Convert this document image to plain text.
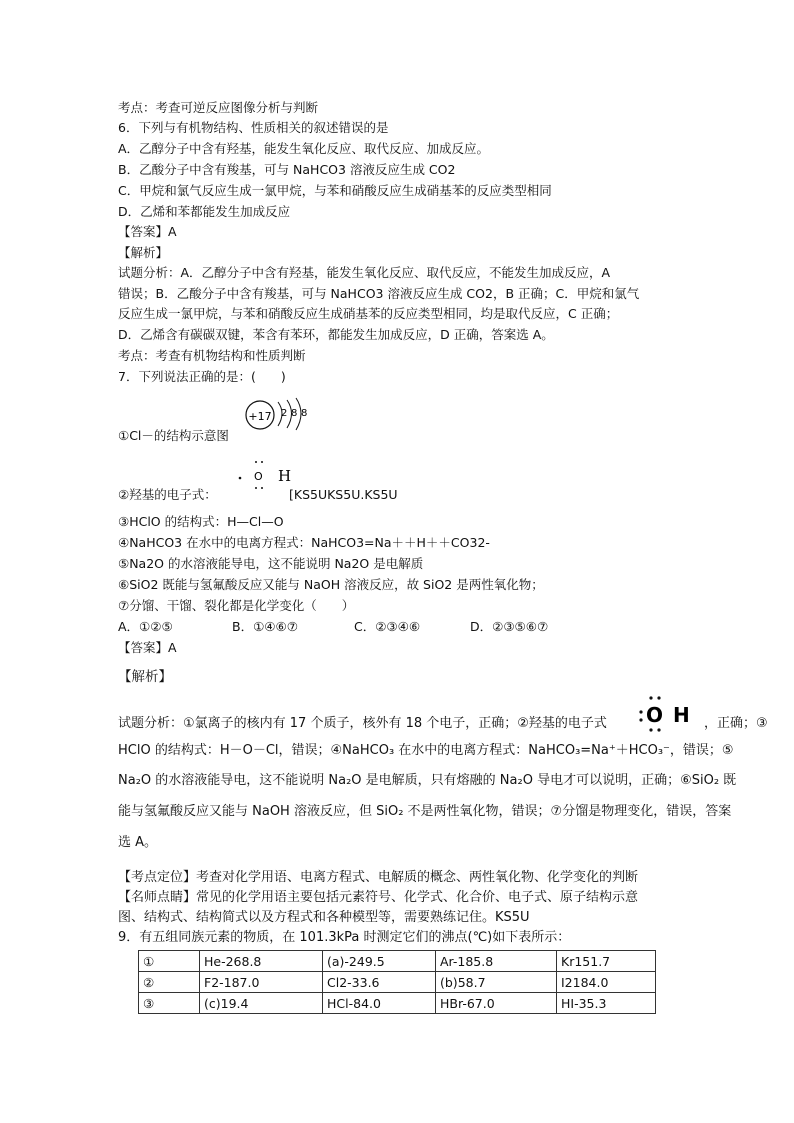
考点：考查可逆反应图像分析与判断
6．下列与有机物结构、性质相关的叙述错误的是
A．乙醇分子中含有羟基，能发生氧化反应、取代反应、加成反应。
B．乙酸分子中含有羧基，可与 NaHCO3 溶液反应生成 CO2
C．甲烷和氯气反应生成一氯甲烷，与苯和硝酸反应生成硝基苯的反应类型相同
D．乙烯和苯都能发生加成反应
【答案】A
【解析】
试题分析：A．乙醇分子中含有羟基，能发生氧化反应、取代反应，不能发生加成反应，A
错误；B．乙酸分子中含有羧基，可与 NaHCO3 溶液反应生成 CO2，B 正确；C．甲烷和氯气
反应生成一氯甲烷，与苯和硝酸反应生成硝基苯的反应类型相同，均是取代反应，C 正确；
D．乙烯含有碳碳双键，苯含有苯环，都能发生加成反应，D 正确，答案选 A。
考点：考查有机物结构和性质判断
7．下列说法正确的是：(　　)
+17 2 8 8
①Cl－的结构示意图
O H
②羟基的电子式：	[KS5UKS5U.KS5U
③HClO 的结构式：H—Cl—O
④NaHCO3 在水中的电离方程式：NaHCO3=Na＋＋H＋＋CO32-
⑤Na2O 的水溶液能导电，这不能说明 Na2O 是电解质
⑥SiO2 既能与氢氟酸反应又能与 NaOH 溶液反应，故 SiO2 是两性氧化物；
⑦分馏、干馏、裂化都是化学变化（　　）
A．①②⑤	B．①④⑥⑦	C．②③④⑥	D．②③⑤⑥⑦
【答案】A
【解析】
试题分析：①氯离子的核内有 17 个质子，核外有 18 个电子，正确；②羟基的电子式 O H ，正确；③
HClO 的结构式：H－O－Cl，错误；④NaHCO₃ 在水中的电离方程式：NaHCO₃=Na⁺＋HCO₃⁻，错误；⑤
Na₂O 的水溶液能导电，这不能说明 Na₂O 是电解质，只有熔融的 Na₂O 导电才可以说明，正确；⑥SiO₂ 既
能与氢氟酸反应又能与 NaOH 溶液反应，但 SiO₂ 不是两性氧化物，错误；⑦分馏是物理变化，错误，答案
选 A。
【考点定位】考查对化学用语、电离方程式、电解质的概念、两性氧化物、化学变化的判断
【名师点睛】常见的化学用语主要包括元素符号、化学式、化合价、电子式、原子结构示意
图、结构式、结构简式以及方程式和各种模型等，需要熟练记住。KS5U
9．有五组同族元素的物质，在 101.3kPa 时测定它们的沸点(℃)如下表所示：
①	He-268.8	(a)-249.5	Ar-185.8	Kr151.7
②	F2-187.0	Cl2-33.6	(b)58.7	I2184.0
③	(c)19.4	HCl-84.0	HBr-67.0	HI-35.3
